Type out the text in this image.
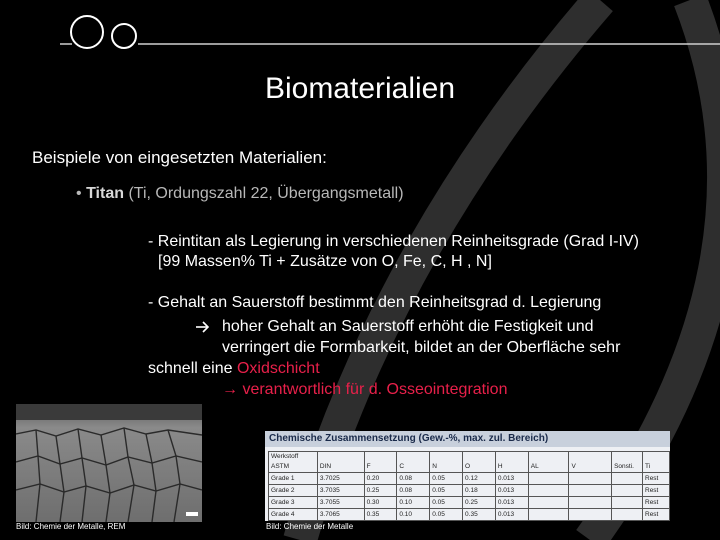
Biomaterialien
Beispiele von eingesetzten Materialien:
• Titan (Ti, Ordungszahl 22, Übergangsmetall)
- Reintitan als Legierung in verschiedenen Reinheitsgrade (Grad I-IV)
[99 Massen% Ti + Zusätze von O, Fe, C, H , N]
- Gehalt an Sauerstoff bestimmt den Reinheitsgrad d. Legierung
hoher Gehalt an Sauerstoff erhöht die Festigkeit und
verringert die Formbarkeit, bildet an der Oberfläche sehr
schnell eine Oxidschicht
→ verantwortlich für d. Osseointegration
Bild: Chemie der Metalle, REM
Chemische Zusammensetzung (Gew.-%, max. zul. Bereich)
Werkstoff ASTM	DIN	F	C	N	O	H	AL	V	Sonsti.	Ti
Grade 1	3.7025	0.20	0.08	0.05	0.12	0.013				Rest
Grade 2	3.7035	0.25	0.08	0.05	0.18	0.013				Rest
Grade 3	3.7055	0.30	0.10	0.05	0.25	0.013				Rest
Grade 4	3.7065	0.35	0.10	0.05	0.35	0.013				Rest
Bild: Chemie der Metalle
